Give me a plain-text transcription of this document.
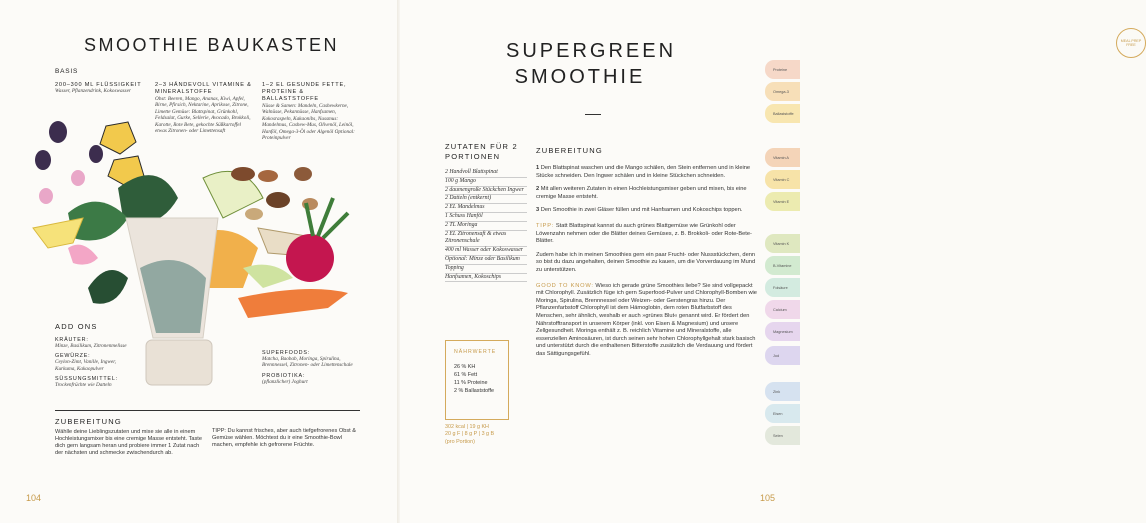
SMOOTHIE BAUKASTEN
BASIS
200–300 ML FLÜSSIGKEIT
Wasser, Pflanzendrink, Kokoswasser
2–3 HÄNDEVOLL VITAMINE & MINERALSTOFFE
Obst: Beeren, Mango, Ananas, Kiwi, Apfel, Birne, Pfirsich, Nektarine, Aprikose, Zitrone, Limette Gemüse: Blattspinat, Grünkohl, Feldsalat, Gurke, Sellerie, Avocado, Brokkoli, Karotte, Rote Bete, gekochte Süßkartoffel etwas Zitronen- oder Limettensaft
1–2 EL GESUNDE FETTE, PROTEINE & BALLASTSTOFFE
Nüsse & Samen: Mandeln, Cashewkerne, Walnüsse, Pekannüsse, Hanfsamen, Kokosraspeln, Kakaonibs, Nussmus: Mandelmus, Cashew-Mus, Olivenöl, Leinöl, Hanföl, Omega-3-Öl oder Algenöl Optional: Proteinpulver
ADD ONS
KRÄUTER:
Minze, Basilikum, Zitronenmelisse
GEWÜRZE:
Ceylon-Zimt, Vanille, Ingwer, Kurkuma, Kakaopulver
SÜSSUNGSMITTEL:
Trockenfrüchte wie Datteln
SUPERFOODS:
Matcha, Baobab, Moringa, Spirulina, Brennnessel, Zitronen- oder Limettenschale
PROBIOTIKA:
(pflanzlicher) Joghurt
ZUBEREITUNG
Wählle deine Lieblingszutaten und mixe sie alle in einem Hochleistungsmixer bis eine cremige Masse entsteht. Taste dich gern langsam heran und probiere immer 1 Zutat nach der nächsten und schmecke zwischendurch ab.
TIPP: Du kannst frisches, aber auch tiefgefrorenes Obst & Gemüse wählen. Möchtest du ir eine Smoothie-Bowl machen, empfehle ich gefrorene Früchte.
104
MEAL PREP FREE
SUPERGREEN
SMOOTHIE
ZUTATEN FÜR 2 PORTIONEN

2 Handvoll Blattspinat

100 g Mango

2 daumengroße Stückchen Ingwer

2 Datteln (entkernt)

2 EL Mandelmus

1 Schuss Hanföl

2 TL Moringa

2 EL Zitronensaft & etwas Zitronenschale

400 ml Wasser oder Kokoswasser

Optional: Minze oder Basilikum

Topping

Hanfsamen, Kokoschips

NÄHRWERTE
26 % KH
61 % Fett
11 % Proteine
2 % Ballaststoffe
302 kcal | 19 g KH
20 g F | 8 g P | 3 g B
(pro Portion)
ZUBEREITUNG

1 Den Blattspinat waschen und die Mango schälen, den Stein entfernen und in kleine Stücke schneiden. Den Ingwer schälen und in kleine Stückchen schneiden.

2 Mit allen weiteren Zutaten in einen Hochleistungsmixer geben und mixen, bis eine cremige Masse entsteht.

3 Den Smoothie in zwei Gläser füllen und mit Hanfsamen und Kokoschips toppen.

TIPP: Statt Blattspinat kannst du auch grünes Blattgemüse wie Grünkohl oder Löwenzahn nehmen oder die Blätter deines Gemüses, z. B. Brokkoli- oder Rote-Bete-Blätter.
Zudem habe ich in meinen Smoothies gern ein paar Frucht- oder Nussstückchen, denn so bist du dazu angehalten, deinen Smoothie zu kauen, um die Vorverdauung im Mund zu unterstützen.
GOOD TO KNOW: Wieso ich gerade grüne Smoothies liebe? Sie sind vollgepackt mit Chlorophyll. Zusätzlich füge ich gern Superfood-Pulver und Chlorophyll-Bomben wie Moringa, Spirulina, Brennnessel oder Weizen- oder Gerstengras hinzu. Der Pflanzenfarbstoff Chlorophyll ist dem Hämoglobin, dem roten Blutfarbstoff des Menschen, sehr ähnlich, weshalb er auch »grünes Blut« genannt wird. Er fördert den Nährstofftransport in unserem Körper (inkl. von Eisen & Magnesium) und unsere Zellgesundheit. Moringa enthält z. B. reichlich Vitamine und Mineralstoffe, alle essenziellen Aminosäuren, ist durch seinen sehr hohen Chlorophyllgehalt stark basisch und unterstützt durch die enthaltenen Bitterstoffe zusätzlich die Verdauung und fördert das Sättigungsgefühl.
105
Proteine
Omega-3
Ballaststoffe
Vitamin A
Vitamin C
Vitamin E
Vitamin K
B-Vitamine
Folsäure
Calcium
Magnesium
Jod
Zink
Eisen
Selen
